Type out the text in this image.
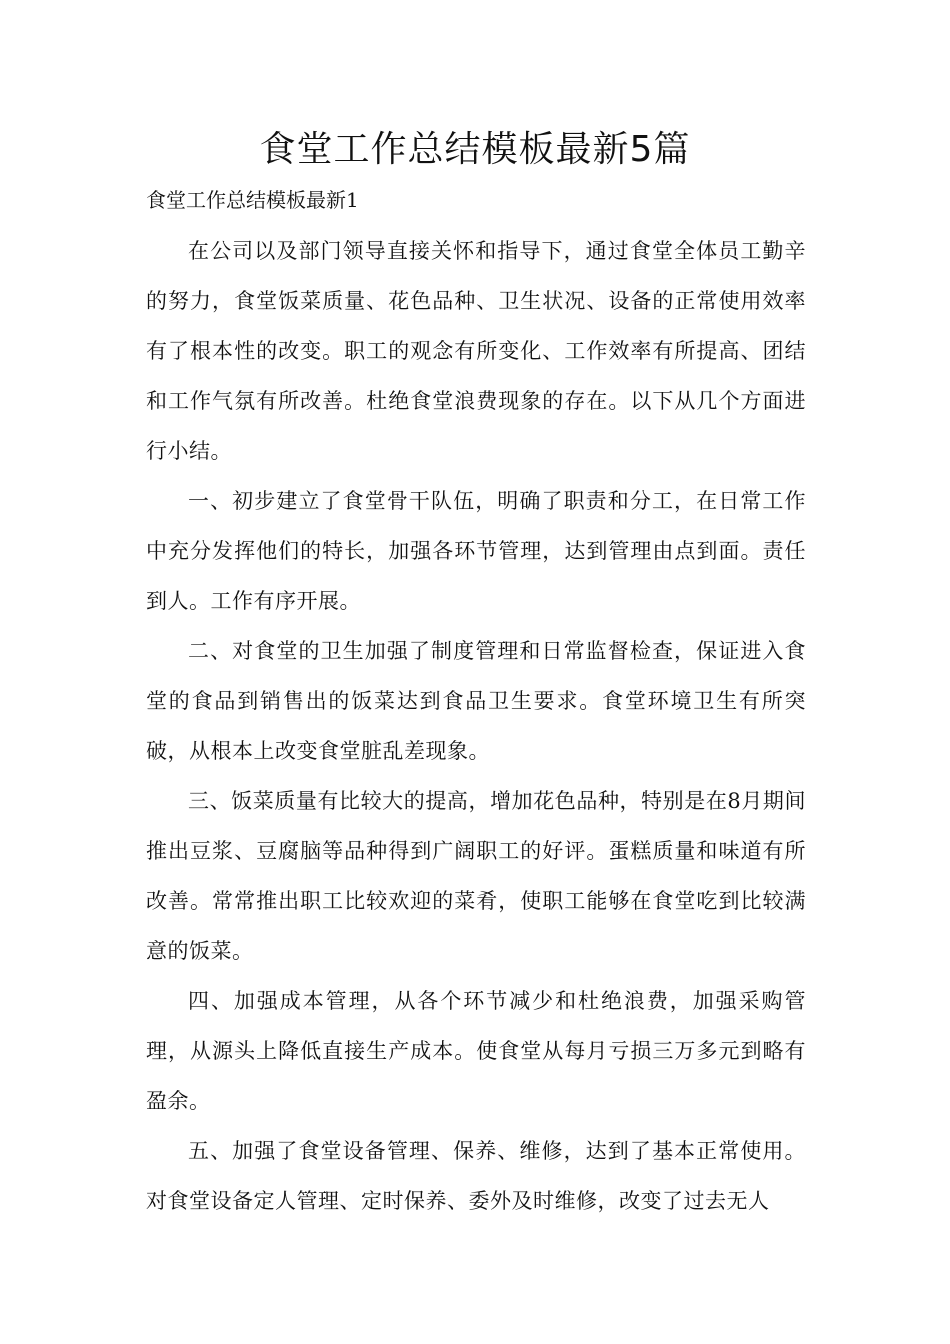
食堂工作总结模板最新5篇
食堂工作总结模板最新1

在公司以及部门领导直接关怀和指导下，通过食堂全体员工勤辛的努力，食堂饭菜质量、花色品种、卫生状况、设备的正常使用效率有了根本性的改变。职工的观念有所变化、工作效率有所提高、团结和工作气氛有所改善。杜绝食堂浪费现象的存在。以下从几个方面进行小结。

一、初步建立了食堂骨干队伍，明确了职责和分工，在日常工作中充分发挥他们的特长，加强各环节管理，达到管理由点到面。责任到人。工作有序开展。

二、对食堂的卫生加强了制度管理和日常监督检查，保证进入食堂的食品到销售出的饭菜达到食品卫生要求。食堂环境卫生有所突破，从根本上改变食堂脏乱差现象。

三、饭菜质量有比较大的提高，增加花色品种，特别是在8月期间推出豆浆、豆腐脑等品种得到广阔职工的好评。蛋糕质量和味道有所改善。常常推出职工比较欢迎的菜肴，使职工能够在食堂吃到比较满意的饭菜。

四、加强成本管理，从各个环节减少和杜绝浪费，加强采购管理，从源头上降低直接生产成本。使食堂从每月亏损三万多元到略有盈余。

五、加强了食堂设备管理、保养、维修，达到了基本正常使用。对食堂设备定人管理、定时保养、委外及时维修，改变了过去无人
